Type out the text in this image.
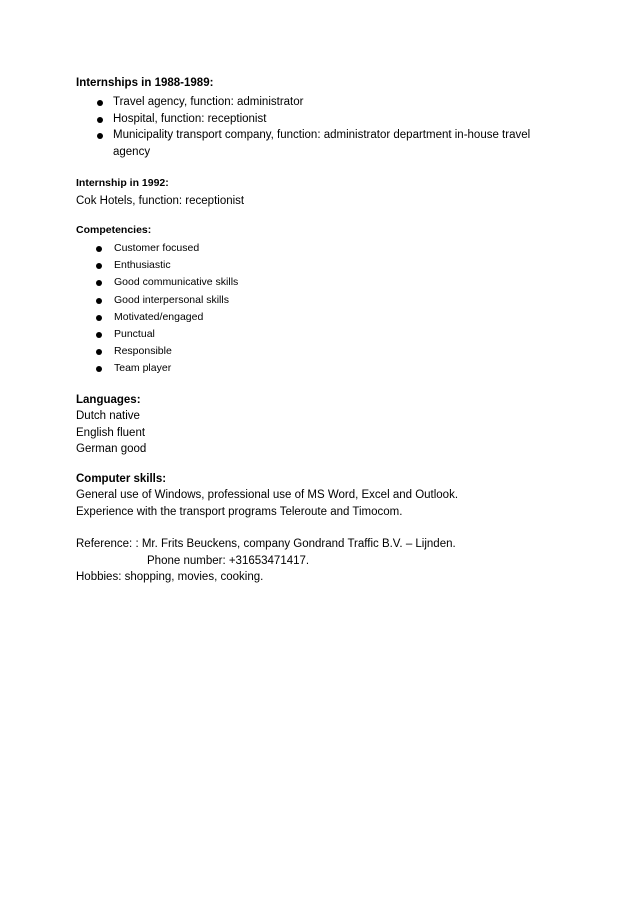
Internships in 1988-1989:
Travel agency, function: administrator
Hospital, function: receptionist
Municipality transport company, function: administrator department in-house travel
agency
Internship in 1992:
Cok Hotels, function: receptionist
Competencies:
Customer focused
Enthusiastic
Good communicative skills
Good interpersonal skills
Motivated/engaged
Punctual
Responsible
Team player
Languages:
Dutch native
English fluent
German good
Computer skills:
General use of Windows, professional use of MS Word, Excel and Outlook.
Experience with the transport programs Teleroute and Timocom.
Reference: : Mr. Frits Beuckens, company Gondrand Traffic B.V. – Lijnden.
Phone number: +31653471417.
Hobbies: shopping, movies, cooking.
